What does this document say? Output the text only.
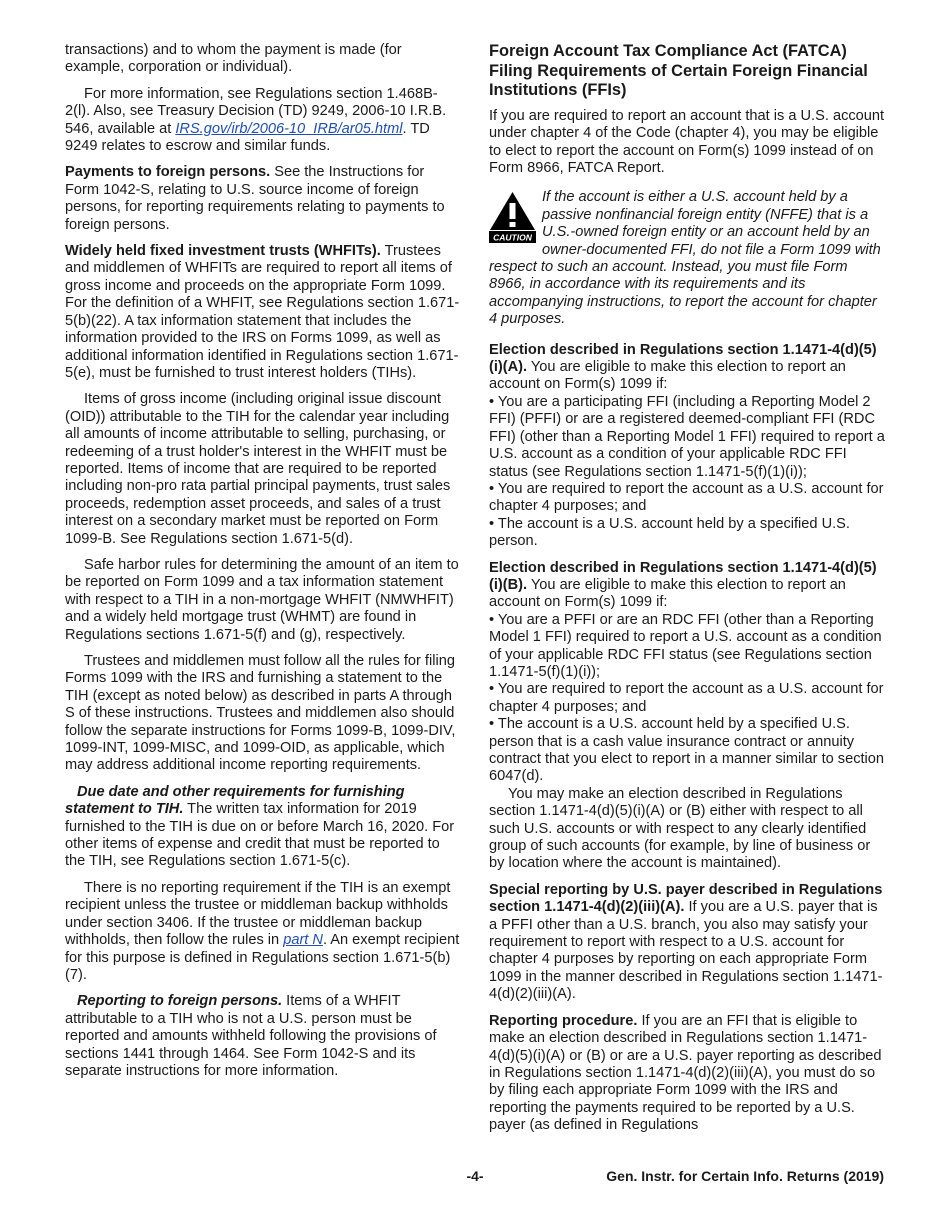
transactions) and to whom the payment is made (for example, corporation or individual).

For more information, see Regulations section 1.468B-2(l). Also, see Treasury Decision (TD) 9249, 2006-10 I.R.B. 546, available at IRS.gov/irb/2006-10_IRB/ar05.html. TD 9249 relates to escrow and similar funds.

Payments to foreign persons. See the Instructions for Form 1042-S, relating to U.S. source income of foreign persons, for reporting requirements relating to payments to foreign persons.

Widely held fixed investment trusts (WHFITs). Trustees and middlemen of WHFITs are required to report all items of gross income and proceeds on the appropriate Form 1099. For the definition of a WHFIT, see Regulations section 1.671-5(b)(22). A tax information statement that includes the information provided to the IRS on Forms 1099, as well as additional information identified in Regulations section 1.671-5(e), must be furnished to trust interest holders (TIHs).

Items of gross income (including original issue discount (OID)) attributable to the TIH for the calendar year including all amounts of income attributable to selling, purchasing, or redeeming of a trust holder's interest in the WHFIT must be reported. Items of income that are required to be reported including non-pro rata partial principal payments, trust sales proceeds, redemption asset proceeds, and sales of a trust interest on a secondary market must be reported on Form 1099-B. See Regulations section 1.671-5(d).

Safe harbor rules for determining the amount of an item to be reported on Form 1099 and a tax information statement with respect to a TIH in a non-mortgage WHFIT (NMWHFIT) and a widely held mortgage trust (WHMT) are found in Regulations sections 1.671-5(f) and (g), respectively.

Trustees and middlemen must follow all the rules for filing Forms 1099 with the IRS and furnishing a statement to the TIH (except as noted below) as described in parts A through S of these instructions. Trustees and middlemen also should follow the separate instructions for Forms 1099-B, 1099-DIV, 1099-INT, 1099-MISC, and 1099-OID, as applicable, which may address additional income reporting requirements.

Due date and other requirements for furnishing statement to TIH. The written tax information for 2019 furnished to the TIH is due on or before March 16, 2020. For other items of expense and credit that must be reported to the TIH, see Regulations section 1.671-5(c).

There is no reporting requirement if the TIH is an exempt recipient unless the trustee or middleman backup withholds under section 3406. If the trustee or middleman backup withholds, then follow the rules in part N. An exempt recipient for this purpose is defined in Regulations section 1.671-5(b)(7).

Reporting to foreign persons. Items of a WHFIT attributable to a TIH who is not a U.S. person must be reported and amounts withheld following the provisions of sections 1441 through 1464. See Form 1042-S and its separate instructions for more information.

Foreign Account Tax Compliance Act (FATCA) Filing Requirements of Certain Foreign Financial Institutions (FFIs)

If you are required to report an account that is a U.S. account under chapter 4 of the Code (chapter 4), you may be eligible to elect to report the account on Form(s) 1099 instead of on Form 8966, FATCA Report.

CAUTION
If the account is either a U.S. account held by a passive nonfinancial foreign entity (NFFE) that is a U.S.-owned foreign entity or an account held by an owner-documented FFI, do not file a Form 1099 with respect to such an account. Instead, you must file Form 8966, in accordance with its requirements and its accompanying instructions, to report the account for chapter 4 purposes.

Election described in Regulations section 1.1471-4(d)(5)(i)(A). You are eligible to make this election to report an account on Form(s) 1099 if:

• You are a participating FFI (including a Reporting Model 2 FFI) (PFFI) or are a registered deemed-compliant FFI (RDC FFI) (other than a Reporting Model 1 FFI) required to report a U.S. account as a condition of your applicable RDC FFI status (see Regulations section 1.1471-5(f)(1)(i));

• You are required to report the account as a U.S. account for chapter 4 purposes; and

• The account is a U.S. account held by a specified U.S. person.

Election described in Regulations section 1.1471-4(d)(5)(i)(B). You are eligible to make this election to report an account on Form(s) 1099 if:

• You are a PFFI or are an RDC FFI (other than a Reporting Model 1 FFI) required to report a U.S. account as a condition of your applicable RDC FFI status (see Regulations section 1.1471-5(f)(1)(i));

• You are required to report the account as a U.S. account for chapter 4 purposes; and

• The account is a U.S. account held by a specified U.S. person that is a cash value insurance contract or annuity contract that you elect to report in a manner similar to section 6047(d).

You may make an election described in Regulations section 1.1471-4(d)(5)(i)(A) or (B) either with respect to all such U.S. accounts or with respect to any clearly identified group of such accounts (for example, by line of business or by location where the account is maintained).

Special reporting by U.S. payer described in Regulations section 1.1471-4(d)(2)(iii)(A). If you are a U.S. payer that is a PFFI other than a U.S. branch, you also may satisfy your requirement to report with respect to a U.S. account for chapter 4 purposes by reporting on each appropriate Form 1099 in the manner described in Regulations section 1.1471-4(d)(2)(iii)(A).

Reporting procedure. If you are an FFI that is eligible to make an election described in Regulations section 1.1471-4(d)(5)(i)(A) or (B) or are a U.S. payer reporting as described in Regulations section 1.1471-4(d)(2)(iii)(A), you must do so by filing each appropriate Form 1099 with the IRS and reporting the payments required to be reported by a U.S. payer (as defined in Regulations

-4-	Gen. Instr. for Certain Info. Returns (2019)
